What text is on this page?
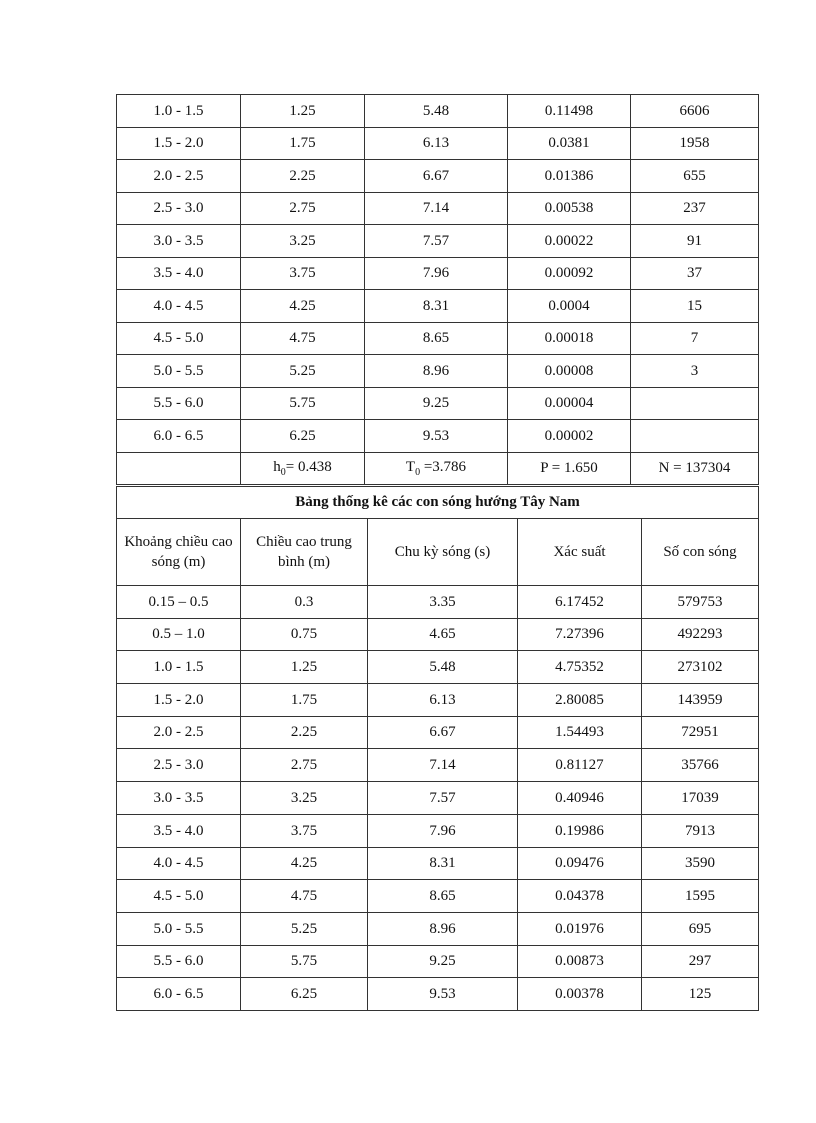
1.0 - 1.5	1.25	5.48	0.11498	6606
1.5 - 2.0	1.75	6.13	0.0381	1958
2.0 - 2.5	2.25	6.67	0.01386	655
2.5 - 3.0	2.75	7.14	0.00538	237
3.0 - 3.5	3.25	7.57	0.00022	91
3.5 - 4.0	3.75	7.96	0.00092	37
4.0 - 4.5	4.25	8.31	0.0004	15
4.5 - 5.0	4.75	8.65	0.00018	7
5.0 - 5.5	5.25	8.96	0.00008	3
5.5 - 6.0	5.75	9.25	0.00004	
6.0 - 6.5	6.25	9.53	0.00002	
	$h_0= 0.438$	$T_0 =3.786$	P = 1.650	N = 137304
Bảng thống kê các con sóng hướng Tây Nam				
Khoảng chiều cao sóng (m)	Chiều cao trung bình (m)	Chu kỳ sóng (s)	Xác suất	Số con sóng
0.15 – 0.5	0.3	3.35	6.17452	579753
0.5 – 1.0	0.75	4.65	7.27396	492293
1.0 - 1.5	1.25	5.48	4.75352	273102
1.5 - 2.0	1.75	6.13	2.80085	143959
2.0 - 2.5	2.25	6.67	1.54493	72951
2.5 - 3.0	2.75	7.14	0.81127	35766
3.0 - 3.5	3.25	7.57	0.40946	17039
3.5 - 4.0	3.75	7.96	0.19986	7913
4.0 - 4.5	4.25	8.31	0.09476	3590
4.5 - 5.0	4.75	8.65	0.04378	1595
5.0 - 5.5	5.25	8.96	0.01976	695
5.5 - 6.0	5.75	9.25	0.00873	297
6.0 - 6.5	6.25	9.53	0.00378	125
